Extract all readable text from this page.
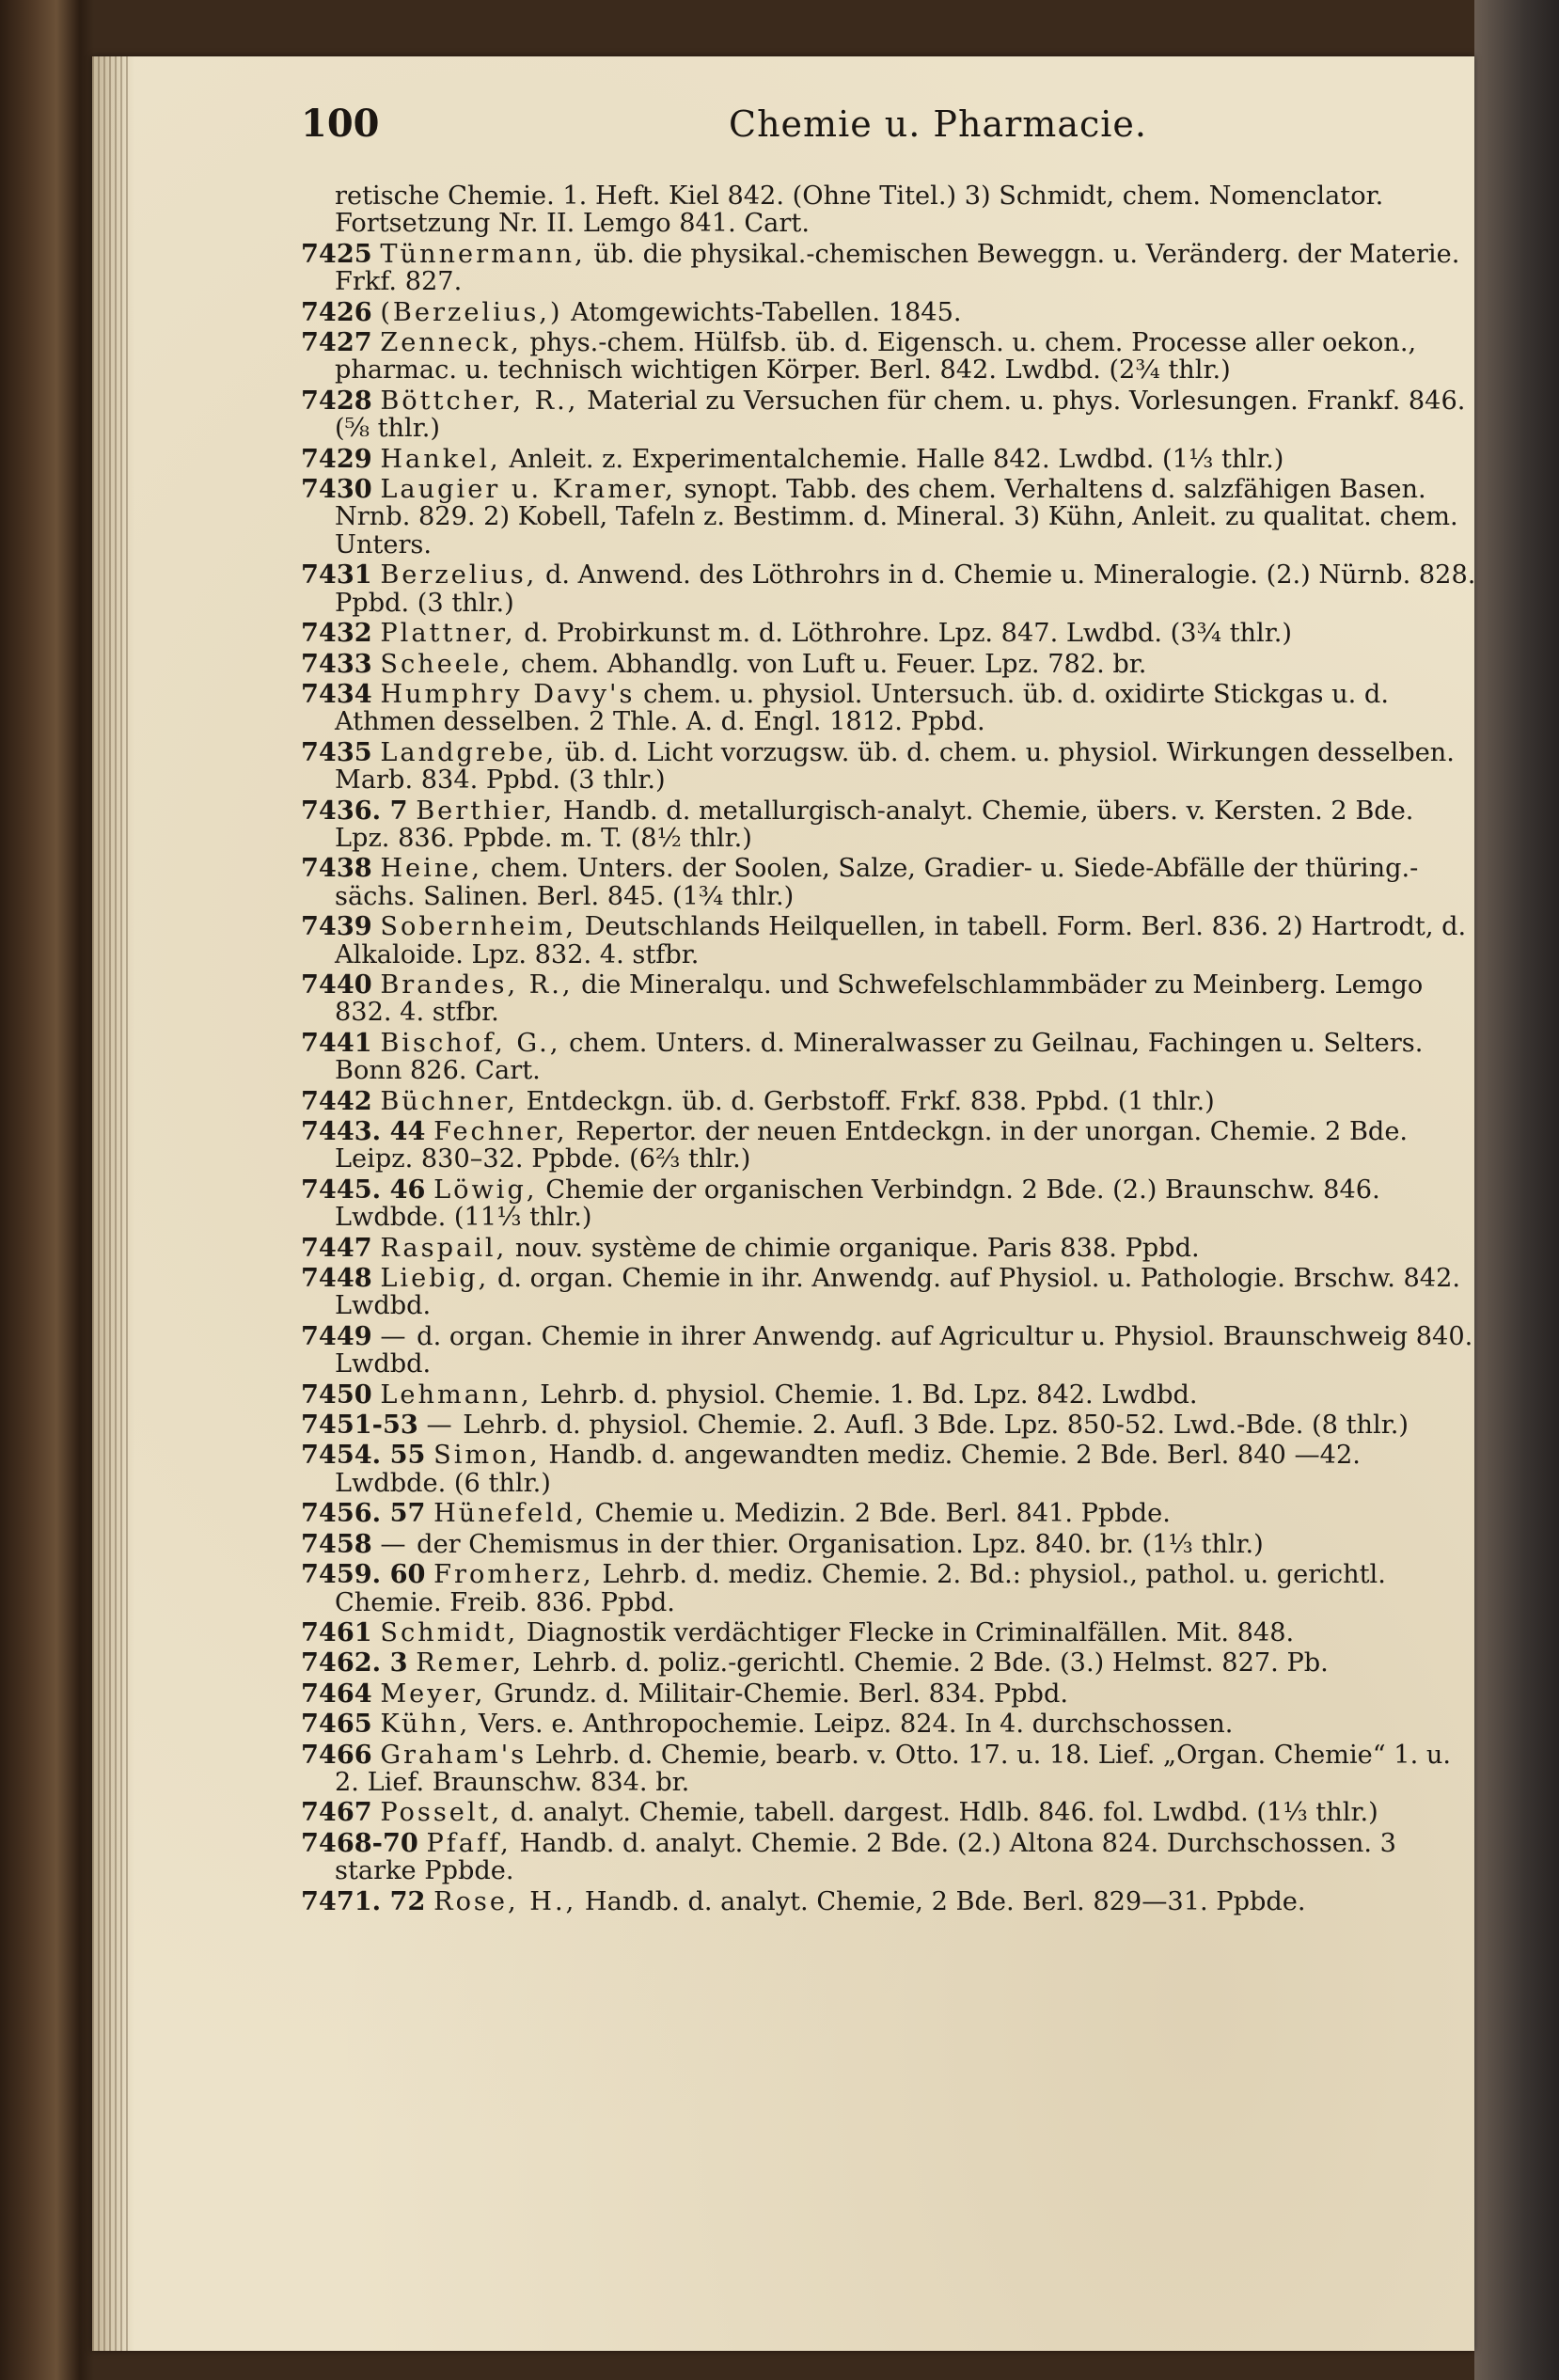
100	Chemie u. Pharmacie.
retische Chemie. 1. Heft. Kiel 842. (Ohne Titel.) 3) Schmidt, chem. Nomenclator. Fortsetzung Nr. II. Lemgo 841. Cart.
7425 Tünnermann, üb. die physikal.-chemischen Beweggn. u. Veränderg. der Materie. Frkf. 827.
7426 (Berzelius,) Atomgewichts-Tabellen. 1845.
7427 Zenneck, phys.-chem. Hülfsb. üb. d. Eigensch. u. chem. Processe aller oekon., pharmac. u. technisch wichtigen Körper. Berl. 842. Lwdbd. (2¾ thlr.)
7428 Böttcher, R., Material zu Versuchen für chem. u. phys. Vorlesungen. Frankf. 846. (⅝ thlr.)
7429 Hankel, Anleit. z. Experimentalchemie. Halle 842. Lwdbd. (1⅓ thlr.)
7430 Laugier u. Kramer, synopt. Tabb. des chem. Verhaltens d. salzfähigen Basen. Nrnb. 829. 2) Kobell, Tafeln z. Bestimm. d. Mineral. 3) Kühn, Anleit. zu qualitat. chem. Unters.
7431 Berzelius, d. Anwend. des Löthrohrs in d. Chemie u. Mineralogie. (2.) Nürnb. 828. Ppbd. (3 thlr.)
7432 Plattner, d. Probirkunst m. d. Löthrohre. Lpz. 847. Lwdbd. (3¾ thlr.)
7433 Scheele, chem. Abhandlg. von Luft u. Feuer. Lpz. 782. br.
7434 Humphry Davy's chem. u. physiol. Untersuch. üb. d. oxidirte Stickgas u. d. Athmen desselben. 2 Thle. A. d. Engl. 1812. Ppbd.
7435 Landgrebe, üb. d. Licht vorzugsw. üb. d. chem. u. physiol. Wirkungen desselben. Marb. 834. Ppbd. (3 thlr.)
7436. 7 Berthier, Handb. d. metallurgisch-analyt. Chemie, übers. v. Kersten. 2 Bde. Lpz. 836. Ppbde. m. T. (8½ thlr.)
7438 Heine, chem. Unters. der Soolen, Salze, Gradier- u. Siede-Abfälle der thüring.-sächs. Salinen. Berl. 845. (1¾ thlr.)
7439 Sobernheim, Deutschlands Heilquellen, in tabell. Form. Berl. 836. 2) Hartrodt, d. Alkaloide. Lpz. 832. 4. stfbr.
7440 Brandes, R., die Mineralqu. und Schwefelschlammbäder zu Meinberg. Lemgo 832. 4. stfbr.
7441 Bischof, G., chem. Unters. d. Mineralwasser zu Geilnau, Fachingen u. Selters. Bonn 826. Cart.
7442 Büchner, Entdeckgn. üb. d. Gerbstoff. Frkf. 838. Ppbd. (1 thlr.)
7443. 44 Fechner, Repertor. der neuen Entdeckgn. in der unorgan. Chemie. 2 Bde. Leipz. 830–32. Ppbde. (6⅔ thlr.)
7445. 46 Löwig, Chemie der organischen Verbindgn. 2 Bde. (2.) Braunschw. 846. Lwdbde. (11⅓ thlr.)
7447 Raspail, nouv. système de chimie organique. Paris 838. Ppbd.
7448 Liebig, d. organ. Chemie in ihr. Anwendg. auf Physiol. u. Pathologie. Brschw. 842. Lwdbd.
7449 — d. organ. Chemie in ihrer Anwendg. auf Agricultur u. Physiol. Braunschweig 840. Lwdbd.
7450 Lehmann, Lehrb. d. physiol. Chemie. 1. Bd. Lpz. 842. Lwdbd.
7451-53 — Lehrb. d. physiol. Chemie. 2. Aufl. 3 Bde. Lpz. 850-52. Lwd.-Bde. (8 thlr.)
7454. 55 Simon, Handb. d. angewandten mediz. Chemie. 2 Bde. Berl. 840 —42. Lwdbde. (6 thlr.)
7456. 57 Hünefeld, Chemie u. Medizin. 2 Bde. Berl. 841. Ppbde.
7458 — der Chemismus in der thier. Organisation. Lpz. 840. br. (1⅓ thlr.)
7459. 60 Fromherz, Lehrb. d. mediz. Chemie. 2. Bd.: physiol., pathol. u. gerichtl. Chemie. Freib. 836. Ppbd.
7461 Schmidt, Diagnostik verdächtiger Flecke in Criminalfällen. Mit. 848.
7462. 3 Remer, Lehrb. d. poliz.-gerichtl. Chemie. 2 Bde. (3.) Helmst. 827. Pb.
7464 Meyer, Grundz. d. Militair-Chemie. Berl. 834. Ppbd.
7465 Kühn, Vers. e. Anthropochemie. Leipz. 824. In 4. durchschossen.
7466 Graham's Lehrb. d. Chemie, bearb. v. Otto. 17. u. 18. Lief. „Organ. Chemie“ 1. u. 2. Lief. Braunschw. 834. br.
7467 Posselt, d. analyt. Chemie, tabell. dargest. Hdlb. 846. fol. Lwdbd. (1⅓ thlr.)
7468-70 Pfaff, Handb. d. analyt. Chemie. 2 Bde. (2.) Altona 824. Durchschossen. 3 starke Ppbde.
7471. 72 Rose, H., Handb. d. analyt. Chemie, 2 Bde. Berl. 829—31. Ppbde.
